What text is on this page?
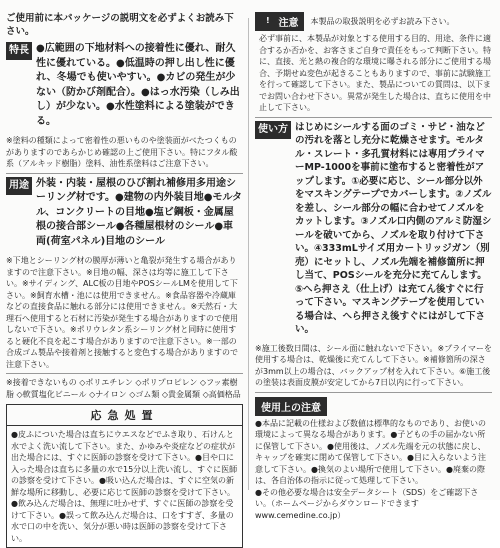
ご使用前に本パッケージの説明文を必ずよくお読み下さい。

特長 ●広範囲の下地材料への接着性に優れ、耐久性に優れている。●低温時の押し出し性に優れ、冬場でも使いやすい。●カビの発生が少ない（防かび剤配合）。●はっ水汚染（しみ出し）が少ない。●水性塗料による塗装ができる。

※塗料の種類によって密着性の悪いものや塗装面がべたつくものがありますのであらかじめ確認の上ご使用下さい。特にフタル酸系（アルキッド樹脂）塗料、油性系塗料はご注意下さい。

用途 外装・内装・屋根のひび割れ補修用多用途シーリング材です。●建物の内外装目地●モルタル、コンクリートの目地●塩ビ鋼板・金属屋根の接合部シール●各種屋根材のシール●車両(荷室パネル)目地のシール

※下地とシーリング材の膜厚が薄いと亀裂が発生する場合がありますので注意下さい。※目地の幅、深さは均等に施工して下さい。※サイディング、ALC板の目地やPOSシールLMを使用して下さい。※飼育水槽・池には使用できません。※食品容器や冷蔵庫などの直接食品に触れる部分には使用できません。※天然石・大理石へ使用すると石材に汚染が発生する場合がありますので使用しないで下さい。※ポリウレタン系シーリング材と同時に使用すると硬化不良を起こす場合がありますので注意下さい。※一部の合成ゴム製品や接着剤と接触すると変色する場合がありますので注意下さい。

※接着できないもの ◇ポリエチレン ◇ポリプロピレン ◇フッ素樹脂 ◇軟質塩化ビニール ◇ナイロン ◇ゴム類 ◇貴金属類 ◇高価格品

応急処置
●皮ふについた場合は直ちにウエスなどでふき取り、石けんと水でよく洗い流して下さい。また、かゆみや炎症などの症状が出た場合には、すぐに医師の診察を受けて下さい。●目や口に入った場合は直ちに多量の水で15分以上洗い流し、すぐに医師の診察を受けて下さい。●吸い込んだ場合は、すぐに空気の新鮮な場所に移動し、必要に応じて医師の診察を受けて下さい。●飲み込んだ場合は、無理に吐かせず、すぐに医師の診察を受けて下さい。●誤って飲み込んだ場合は、口をすすぎ、多量の水で口の中を洗い、気分が悪い時は医師の診察を受けて下さい。
! 注意	本製品の取扱説明を必ずお読み下さい。

必ず事前に、本製品が対象とする使用する目的、用途、条件に適合するか否かを、お客さまご自身で責任をもって判断下さい。特に、直接、光と熱の複合的な環境に曝される部分にご使用する場合、予期せぬ変色が起きることもありますので、事前に試験施工を行って確認して下さい。また、製品についての質問は、以下までお問い合わせ下さい。異常が発生した場合は、直ちに使用を中止して下さい。

使い方 はじめにシールする面のゴミ・サビ・油などの汚れを落とし充分に乾燥させます。モルタル・スレート・多孔質材料には専用プライマーMP-1000を事前に塗布すると密着性がアップします。①必要に応じ、シール部分以外をマスキングテープでカバーします。②ノズルを差し、シール部分の幅に合わせてノズルをカットします。③ノズル口内側のアルミ防湿シールを破いてから、ノズルを取り付けて下さい。④333mLサイズ用カートリッジガン（別売）にセットし、ノズル先端を補修箇所に押し当て、POSシールを充分に充てんします。⑤へら押さえ（仕上げ）は充てん後すぐに行って下さい。マスキングテープを使用している場合は、へら押さえ後すぐにはがして下さい。

※施工後数日間は、シール面に触れないで下さい。※プライマーを使用する場合は、乾燥後に充てんして下さい。※補修箇所の深さが3mm以上の場合は、バックアップ材を入れて下さい。⑥施工後の塗装は表面皮膜が安定してから7日以内に行って下さい。

使用上の注意

●本品に記載の仕様および数値は標準的なものであり、お使いの環境によって異なる場合があります。●子どもの手の届かない所に保管して下さい。●使用後は、ノズル先端を元の状態に戻し、キャップを確実に閉めて保管して下さい。●目に入らないよう注意して下さい。●換気のよい場所で使用して下さい。●廃棄の際は、各自治体の指示に従って処理して下さい。

●その他必要な場合は安全データシート（SDS）をご確認下さい。（ホームページからダウンロードできます www.cemedine.co.jp）
